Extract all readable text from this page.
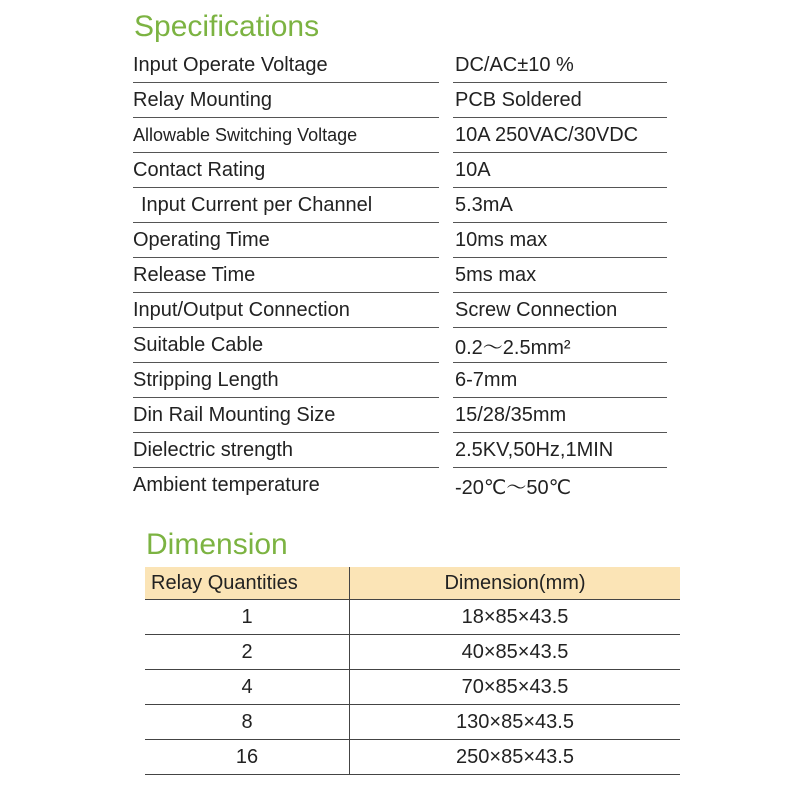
Specifications
Input Operate Voltage	DC/AC±10 %
Relay Mounting	PCB Soldered
Allowable Switching Voltage	10A 250VAC/30VDC
Contact Rating	10A
Input Current per Channel	5.3mA
Operating Time	10ms max
Release Time	5ms max
Input/Output Connection	Screw Connection
Suitable Cable	0.2～2.5mm²
Stripping Length	6-7mm
Din Rail Mounting Size	15/28/35mm
Dielectric strength	2.5KV,50Hz,1MIN
Ambient temperature	-20℃～50℃
Dimension
Relay Quantities	Dimension(mm)
1	18×85×43.5
2	40×85×43.5
4	70×85×43.5
8	130×85×43.5
16	250×85×43.5
